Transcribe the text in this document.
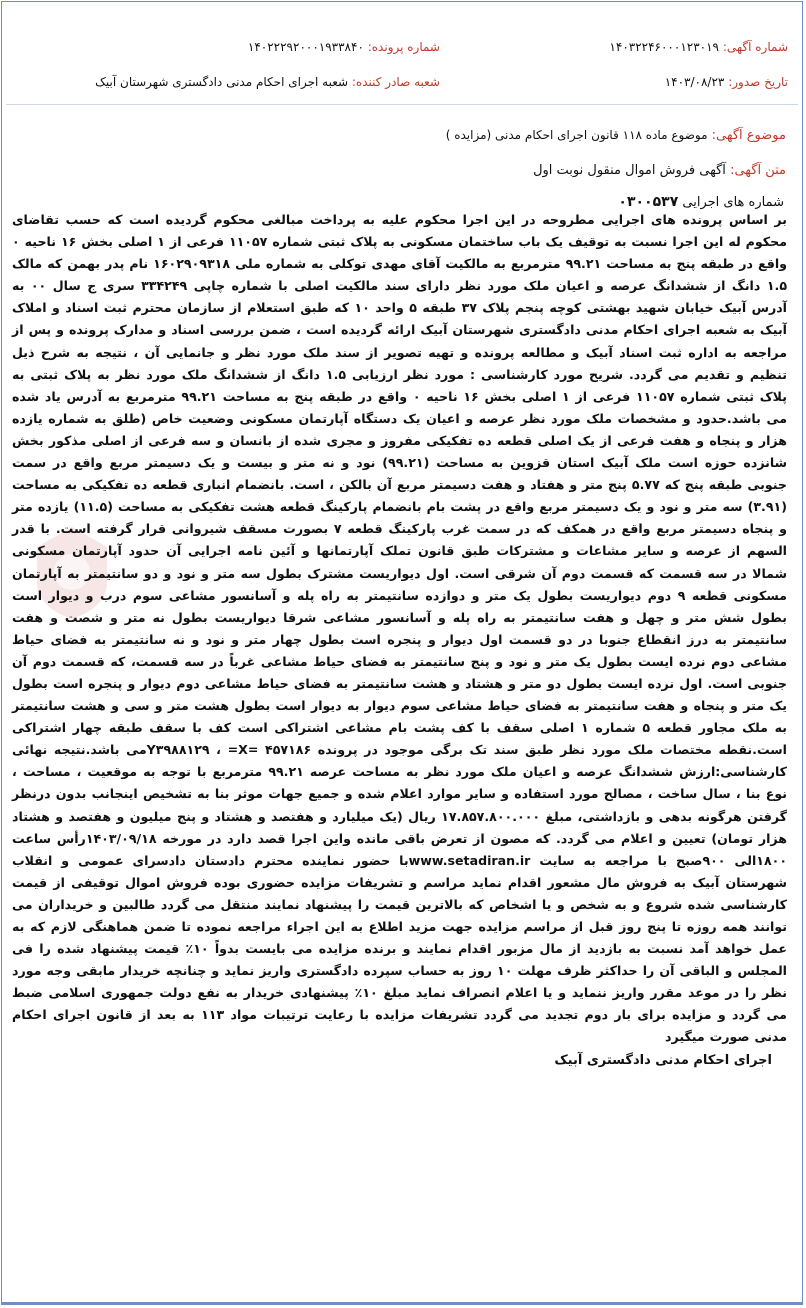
شماره آگهی: ۱۴۰۳۲۲۴۶۰۰۰۱۲۳۰۱۹
شماره پرونده: ۱۴۰۲۲۲۹۲۰۰۰۱۹۳۳۸۴۰
تاریخ صدور: ۱۴۰۳/۰۸/۲۳
شعبه صادر کننده: شعبه اجرای احکام مدنی دادگستری شهرستان آبیک
موضوع آگهی: موضوع ماده ۱۱۸ قانون اجرای احکام مدنی (مزایده )
متن آگهی: آگهی فروش اموال منقول نوبت اول
شماره های اجرایی ۰۳۰۰۵۳۷

بر اساس پرونده های اجرایی مطروحه در این اجرا محکوم علیه به پرداخت مبالغی محکوم گردیده است که حسب تقاضای محکوم له این اجرا نسبت به توقیف یک باب ساختمان مسکونی به پلاک ثبتی شماره ۱۱۰۵۷ فرعی از ۱ اصلی بخش ۱۶ ناحیه ۰ واقع در طبقه پنج به مساحت ۹۹.۲۱ مترمربع به مالکیت آقای مهدی توکلی به شماره ملی ۱۶۰۲۹۰۹۳۱۸ نام پدر بهمن که مالک ۱.۵ دانگ از ششدانگ عرصه و اعیان ملک مورد نظر دارای سند مالکیت اصلی با شماره چاپی ۳۳۴۲۴۹ سری ج سال ۰۰ به آدرس آبیک خیابان شهید بهشتی کوچه پنجم پلاک ۳۷ طبقه ۵ واحد ۱۰ که طبق استعلام از سازمان محترم ثبت اسناد و املاک آبیک به شعبه اجرای احکام مدنی دادگستری شهرستان آبیک ارائه گردیده است ، ضمن بررسی اسناد و مدارک پرونده و پس از مراجعه به اداره ثبت اسناد آبیک و مطالعه پرونده و تهیه تصویر از سند ملک مورد نظر و جانمایی آن ، نتیجه به شرح ذیل تنظیم و تقدیم می گردد. شریح مورد کارشناسی : مورد نظر ارزیابی ۱.۵ دانگ از ششدانگ ملک مورد نظر به پلاک ثبتی به پلاک ثبتی شماره ۱۱۰۵۷ فرعی از ۱ اصلی بخش ۱۶ ناحیه ۰ واقع در طبقه پنج به مساحت ۹۹.۲۱ مترمربع به آدرس یاد شده می باشد.حدود و مشخصات ملک مورد نظر عرصه و اعیان یک دستگاه آپارتمان مسکونی وضعیت خاص (طلق به شماره یازده هزار و پنجاه و هفت فرعی از یک اصلی قطعه ده تفکیکی مفروز و مجری شده از بانسان و سه فرعی از اصلی مذکور بخش شانزده حوزه است ملک آبیک استان قزوین به مساحت (۹۹.۲۱) نود و نه متر و بیست و یک دسیمتر مربع واقع در سمت جنوبی طبقه پنج که ۵.۷۷ پنج متر و هفتاد و هفت دسیمتر مربع آن بالکن ، است. بانضمام انباری قطعه ده تفکیکی به مساحت (۳.۹۱) سه متر و نود و یک دسیمتر مربع واقع در پشت بام بانضمام پارکینگ قطعه هشت تفکیکی به مساحت (۱۱.۵) یازده متر و پنجاه دسیمتر مربع واقع در همکف که در سمت غرب پارکینگ قطعه ۷ بصورت مسقف شیروانی قرار گرفته است. با قدر السهم از عرصه و سایر مشاعات و مشترکات طبق قانون تملک آپارتمانها و آئین نامه اجرایی آن حدود آپارتمان مسکونی شمالا در سه قسمت که قسمت دوم آن شرقی است. اول دیواریست مشترک بطول سه متر و نود و دو سانتیمتر به آپارتمان مسکونی قطعه ۹ دوم دیواریست بطول یک متر و دوازده سانتیمتر به راه پله و آسانسور مشاعی سوم درب و دیوار است بطول شش متر و چهل و هفت سانتیمتر به راه پله و آسانسور مشاعی شرقا دیواریست بطول نه متر و شصت و هفت سانتیمتر به درز انقطاع جنوبا در دو قسمت اول دیوار و پنجره است بطول چهار متر و نود و نه سانتیمتر به فضای حیاط مشاعی دوم نرده ایست بطول یک متر و نود و پنج سانتیمتر به فضای حیاط مشاعی غرباً در سه قسمت، که قسمت دوم آن جنوبی است. اول نرده ایست بطول دو متر و هشتاد و هشت سانتیمتر به فضای حیاط مشاعی دوم دیوار و پنجره است بطول یک متر و پنجاه و هفت سانتیمتر به فضای حیاط مشاعی سوم دیوار به دیوار است بطول هشت متر و سی و هشت سانتیمتر به ملک مجاور قطعه ۵ شماره ۱ اصلی سقف با کف پشت بام مشاعی اشتراکی است کف با سقف طبقه چهار اشتراکی است.نقطه مختصات ملک مورد نظر طبق سند تک برگی موجود در پرونده ۴۵۷۱۸۶ =Y۳۹۸۸۱۲۹ ، =Xمی باشد.نتیجه نهائی کارشناسی:ارزش ششدانگ عرصه و اعیان ملک مورد نظر به مساحت عرصه ۹۹.۲۱ مترمربع با توجه به موقعیت ، مساحت ، نوع بنا ، سال ساخت ، مصالح مورد استفاده و سایر موارد اعلام شده و جمیع جهات موثر بنا به تشخیص اینجانب بدون درنظر گرفتن هرگونه بدهی و بازداشتی، مبلغ ۱۷.۸۵۷.۸۰۰.۰۰۰ ریال (یک میلیارد و هفتصد و هشتاد و پنج میلیون و هفتصد و هشتاد هزار تومان) تعیین و اعلام می گردد. که مصون از تعرض باقی مانده واین اجرا قصد دارد در مورخه ۱۴۰۳/۰۹/۱۸رأس ساعت ۱۸۰۰الی ۹۰۰صبح با مراجعه به سایت www.setadiran.irبا حضور نماینده محترم دادستان دادسرای عمومی و انقلاب شهرستان آبیک به فروش مال مشعور اقدام نماید مراسم و تشریفات مزایده حضوری بوده فروش اموال توقیفی از قیمت کارشناسی شده شروع و به شخص و یا اشخاص که بالاترین قیمت را پیشنهاد نمایند منتقل می گردد طالبین و خریداران می توانند همه روزه تا پنج روز قبل از مراسم مزایده جهت مزید اطلاع به این اجراء مراجعه نموده تا ضمن هماهنگی لازم که به عمل خواهد آمد نسبت به بازدید از مال مزبور اقدام نمایند و برنده مزایده می بایست بدواً ۱۰٪ قیمت پیشنهاد شده را فی المجلس و الباقی آن را حداکثر ظرف مهلت ۱۰ روز به حساب سپرده دادگستری واریز نماید و چنانچه خریدار مابقی وجه مورد نظر را در موعد مقرر واریز ننماید و یا اعلام انصراف نماید مبلغ ۱۰٪ پیشنهادی خریدار به نفع دولت جمهوری اسلامی ضبط می گردد و مزایده برای بار دوم تجدید می گردد تشریفات مزایده با رعایت ترتیبات مواد ۱۱۳ به بعد از قانون اجرای احکام مدنی صورت میگیرد

اجرای احکام مدنی دادگستری آبیک
